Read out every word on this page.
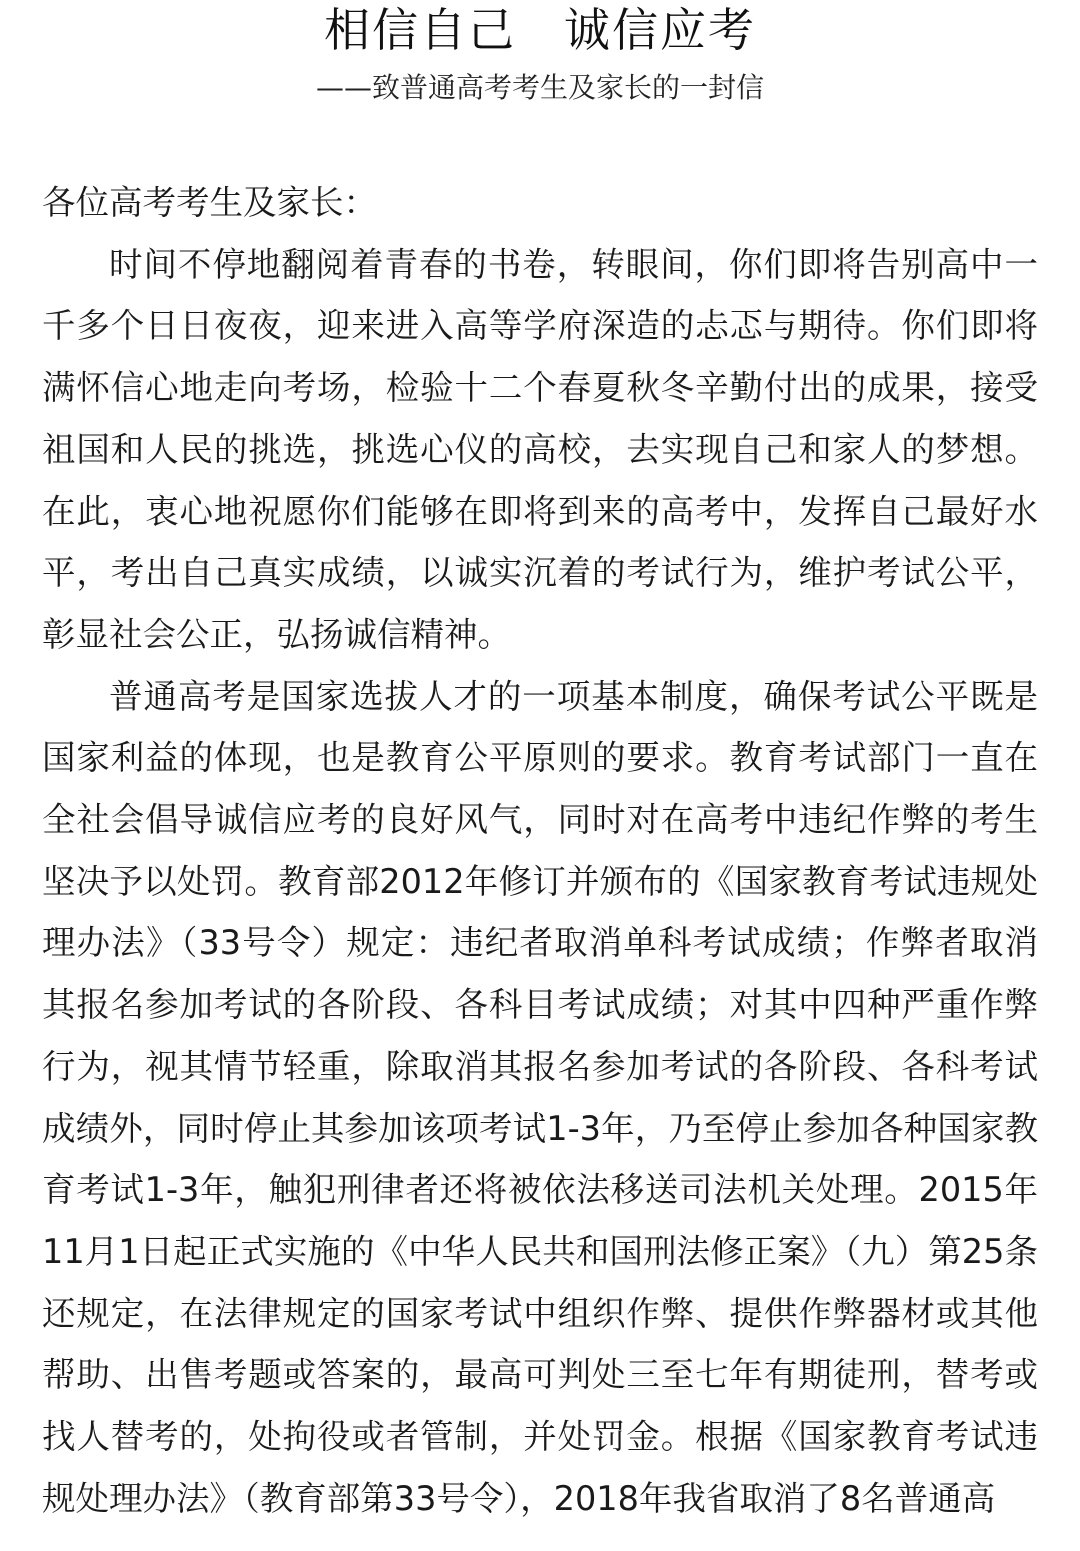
相信自己　诚信应考
——致普通高考考生及家长的一封信

各位高考考生及家长：

时间不停地翻阅着青春的书卷，转眼间，你们即将告别高中一千多个日日夜夜，迎来进入高等学府深造的忐忑与期待。你们即将满怀信心地走向考场，检验十二个春夏秋冬辛勤付出的成果，接受祖国和人民的挑选，挑选心仪的高校，去实现自己和家人的梦想。在此，衷心地祝愿你们能够在即将到来的高考中，发挥自己最好水平，考出自己真实成绩，以诚实沉着的考试行为，维护考试公平，彰显社会公正，弘扬诚信精神。

普通高考是国家选拔人才的一项基本制度，确保考试公平既是国家利益的体现，也是教育公平原则的要求。教育考试部门一直在全社会倡导诚信应考的良好风气，同时对在高考中违纪作弊的考生坚决予以处罚。教育部2012年修订并颁布的《国家教育考试违规处理办法》（33号令）规定：违纪者取消单科考试成绩；作弊者取消其报名参加考试的各阶段、各科目考试成绩；对其中四种严重作弊行为，视其情节轻重，除取消其报名参加考试的各阶段、各科考试成绩外，同时停止其参加该项考试1-3年，乃至停止参加各种国家教育考试1-3年，触犯刑律者还将被依法移送司法机关处理。2015年11月1日起正式实施的《中华人民共和国刑法修正案》（九）第25条还规定，在法律规定的国家考试中组织作弊、提供作弊器材或其他帮助、出售考题或答案的，最高可判处三至七年有期徒刑，替考或找人替考的，处拘役或者管制，并处罚金。根据《国家教育考试违规处理办法》（教育部第33号令），2018年我省取消了8名普通高
